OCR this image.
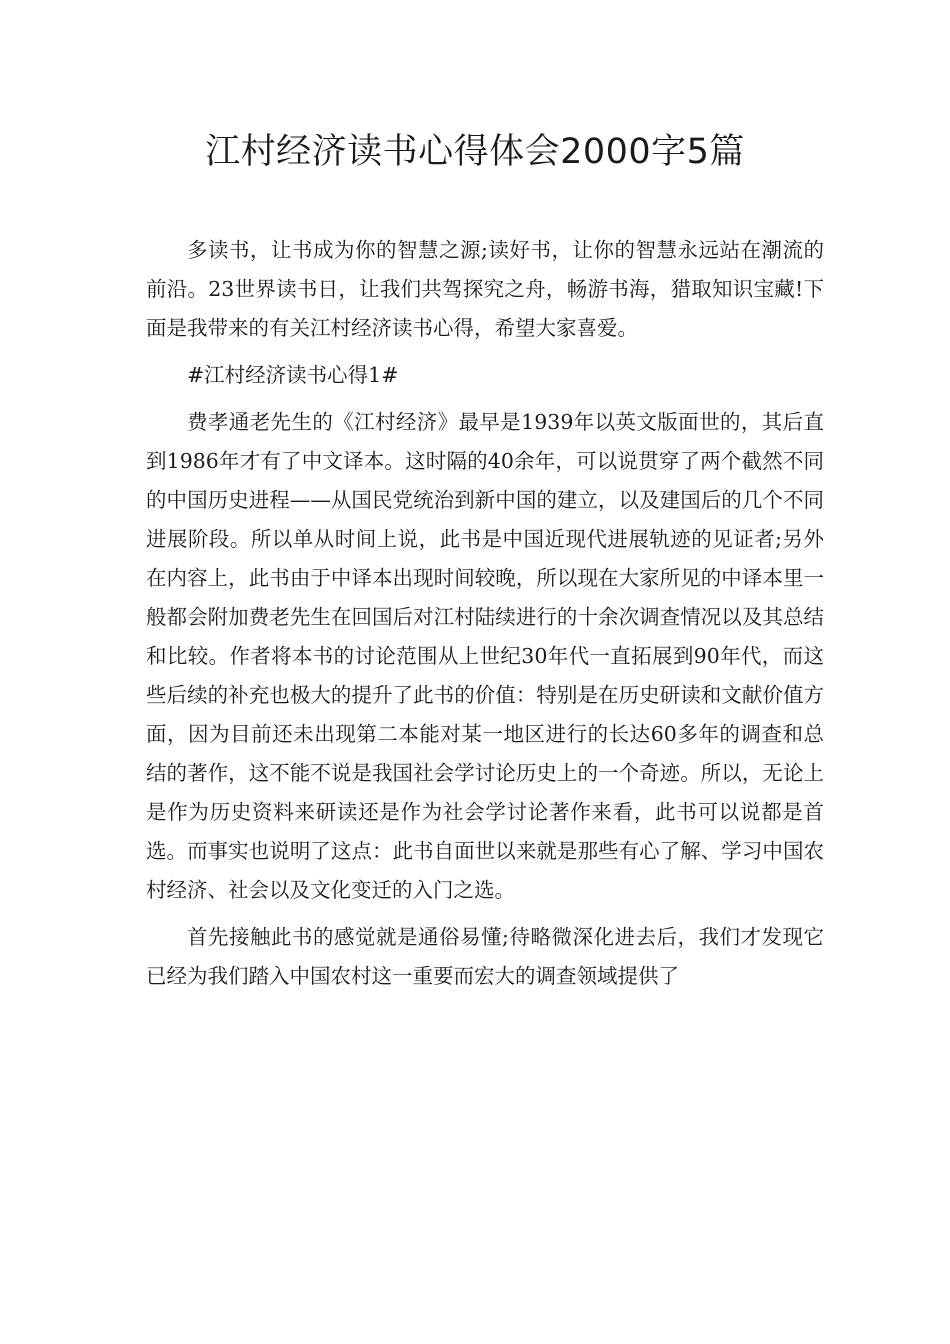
江村经济读书心得体会2000字5篇

多读书，让书成为你的智慧之源;读好书，让你的智慧永远站在潮流的前沿。23世界读书日，让我们共驾探究之舟，畅游书海，猎取知识宝藏!下面是我带来的有关江村经济读书心得，希望大家喜爱。

#江村经济读书心得1#

费孝通老先生的《江村经济》最早是1939年以英文版面世的，其后直到1986年才有了中文译本。这时隔的40余年，可以说贯穿了两个截然不同的中国历史进程——从国民党统治到新中国的建立，以及建国后的几个不同进展阶段。所以单从时间上说，此书是中国近现代进展轨迹的见证者;另外在内容上，此书由于中译本出现时间较晚，所以现在大家所见的中译本里一般都会附加费老先生在回国后对江村陆续进行的十余次调查情况以及其总结和比较。作者将本书的讨论范围从上世纪30年代一直拓展到90年代，而这些后续的补充也极大的提升了此书的价值：特别是在历史研读和文献价值方面，因为目前还未出现第二本能对某一地区进行的长达60多年的调查和总结的著作，这不能不说是我国社会学讨论历史上的一个奇迹。所以，无论上是作为历史资料来研读还是作为社会学讨论著作来看，此书可以说都是首选。而事实也说明了这点：此书自面世以来就是那些有心了解、学习中国农村经济、社会以及文化变迁的入门之选。

首先接触此书的感觉就是通俗易懂;待略微深化进去后，我们才发现它已经为我们踏入中国农村这一重要而宏大的调查领域提供了
